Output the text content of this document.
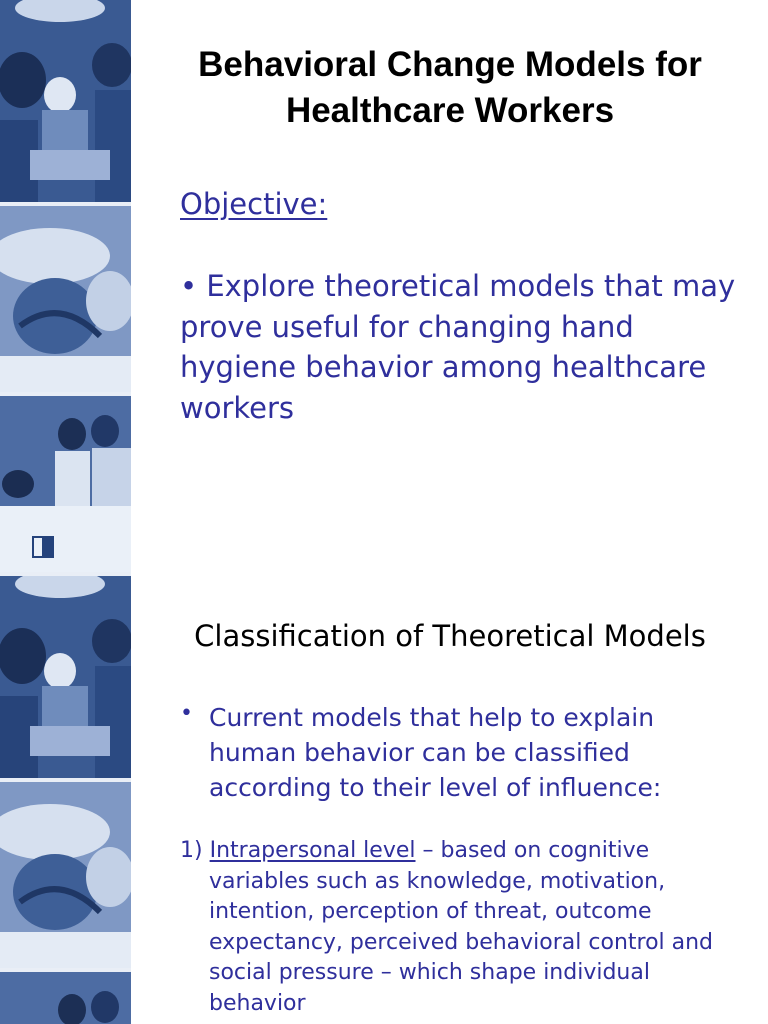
Behavioral Change Models for Healthcare Workers
Objective:
• Explore theoretical models that may prove useful for changing hand hygiene behavior among healthcare workers
Classification of Theoretical Models
• Current models that help to explain human behavior can be classified according to their level of influence:
1) Intrapersonal level – based on cognitive
variables such as knowledge, motivation, intention, perception of threat, outcome expectancy, perceived behavioral control and social pressure – which shape individual behavior
